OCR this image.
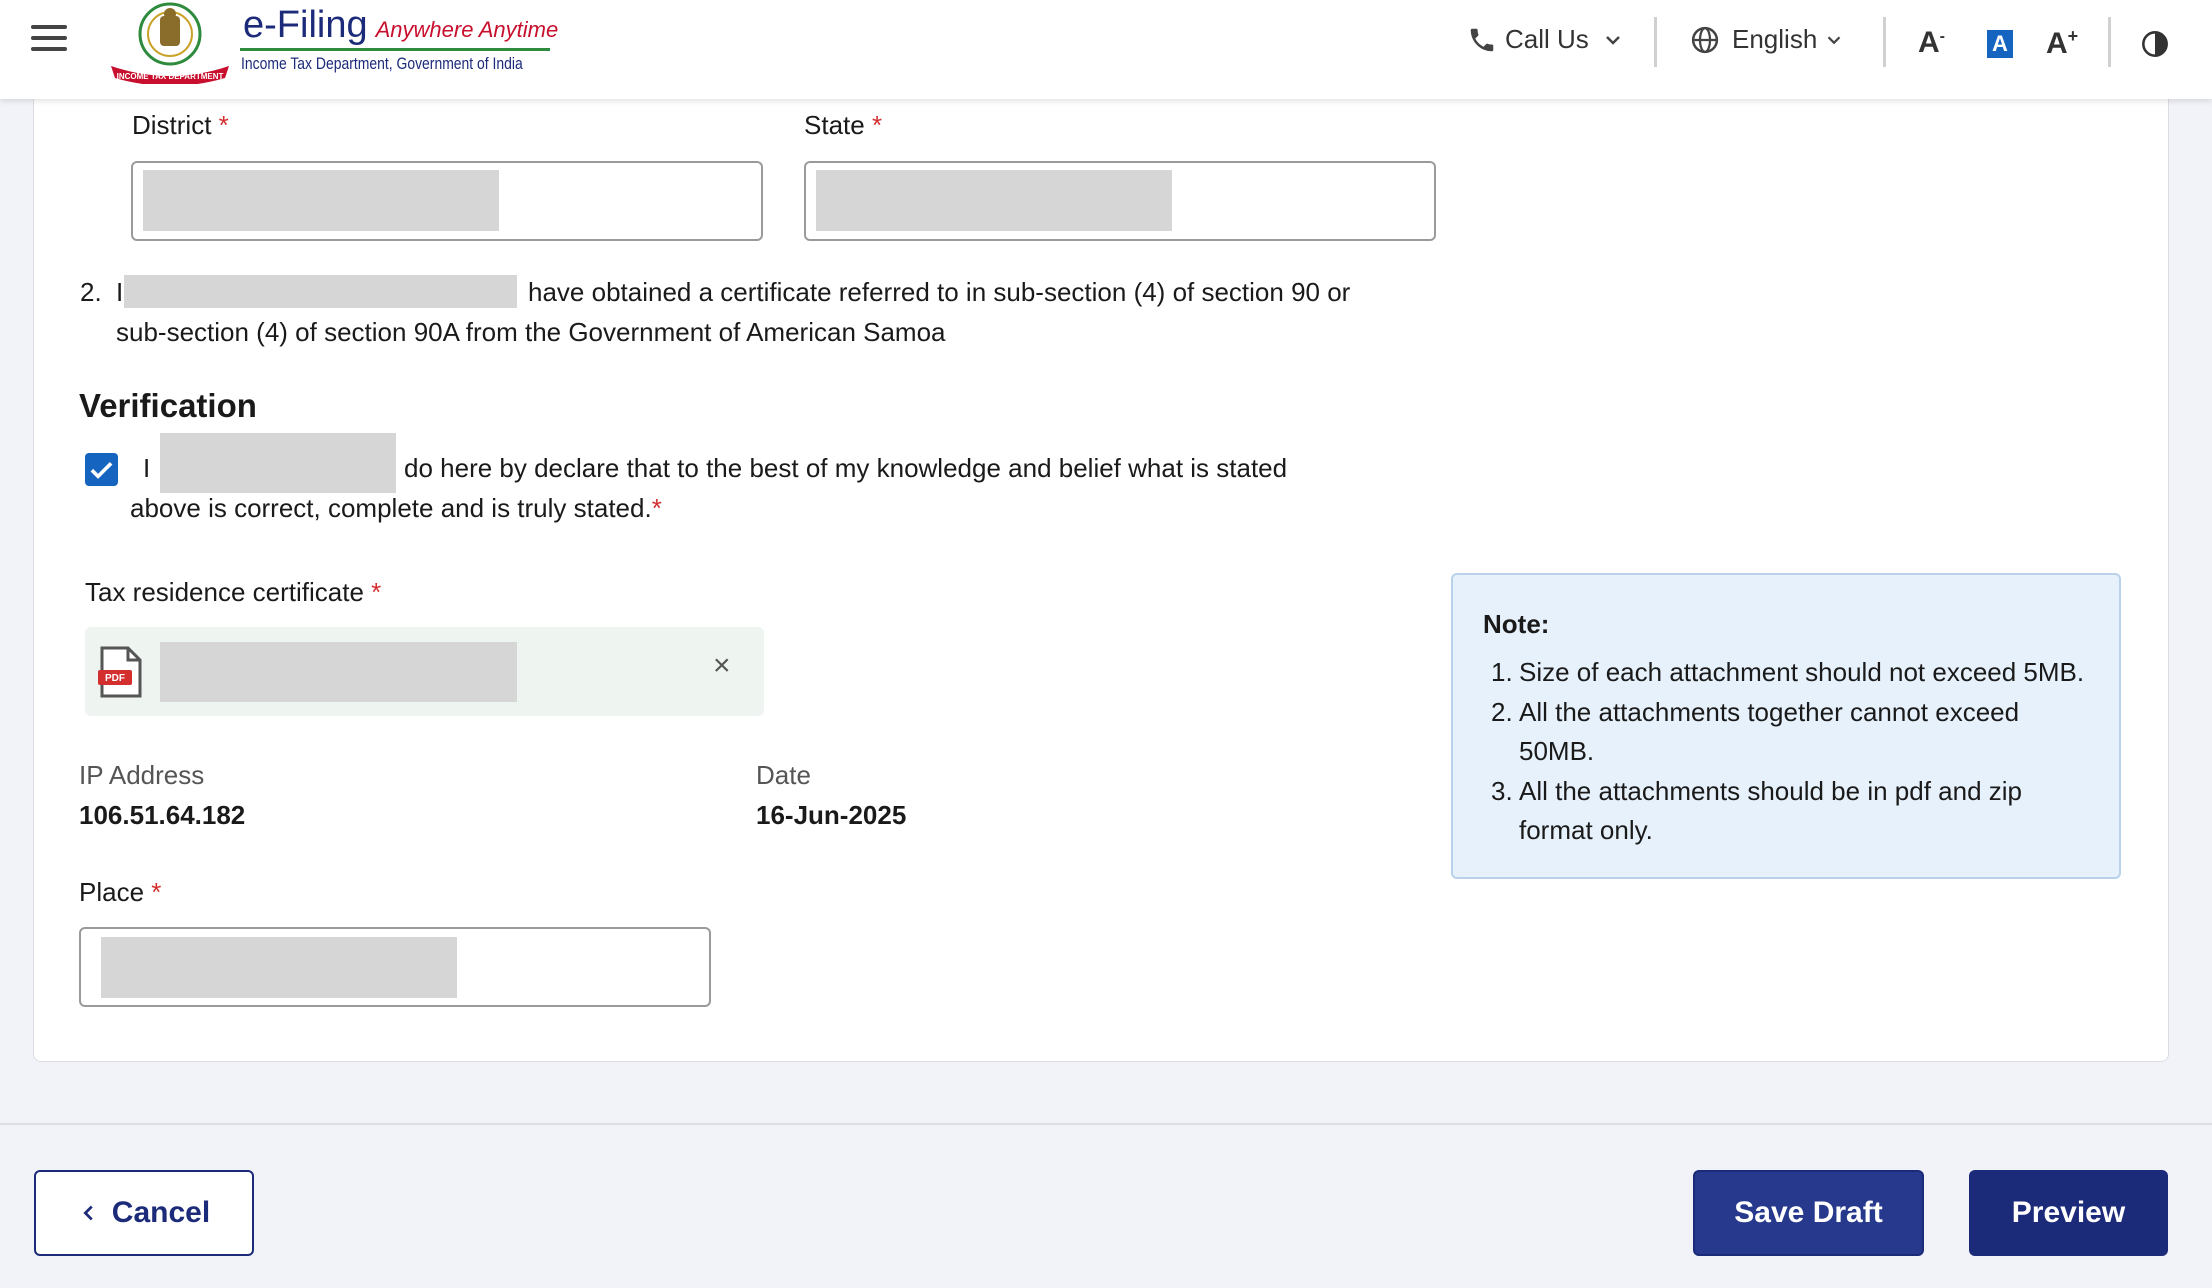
INCOME TAX DEPARTMENT
e-Filing Anywhere Anytime
Income Tax Department, Government of India
Call Us	English	A- A A+
District *	State *
2. I	have obtained a certificate referred to in sub-section (4) of section 90 or
sub-section (4) of section 90A from the Government of American Samoa
Verification
I	do here by declare that to the best of my knowledge and belief what is stated
above is correct, complete and is truly stated.*
Tax residence certificate *
PDF	×
IP Address
106.51.64.182
Date
16-Jun-2025
Place *
Note:
1. Size of each attachment should not exceed 5MB.
2. All the attachments together cannot exceed 50MB.
3. All the attachments should be in pdf and zip format only.
Cancel	Save Draft	Preview
